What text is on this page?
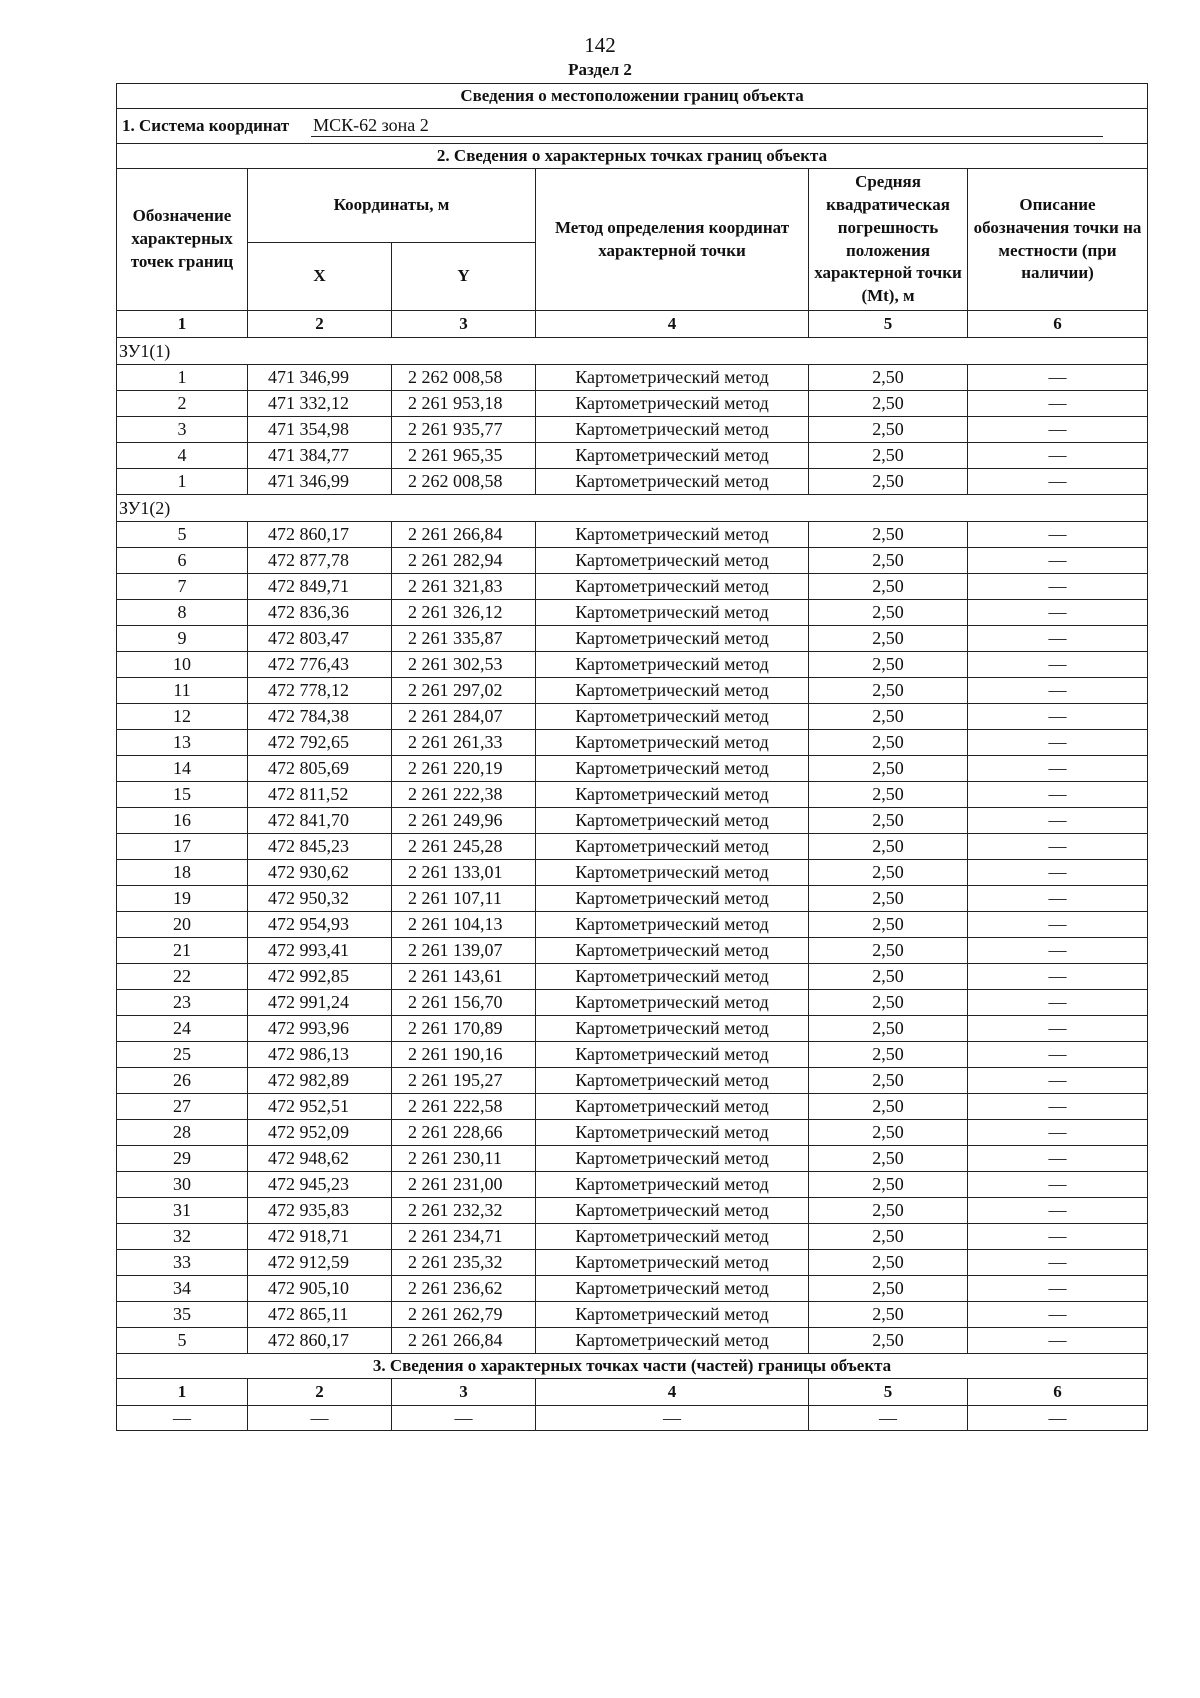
142
Раздел 2
Сведения о местоположении границ объекта					
1. Система координат МСК-62 зона 2					
2. Сведения о характерных точках границ объекта					
Обозначение характерных точек границ	Координаты, м		Метод определения координат характерной точки	Средняя квадратическая погрешность положения характерной точки (Mt), м	Описание обозначения точки на местности (при наличии)
	X	Y			
1	2	3	4	5	6
ЗУ1(1)					
1	471 346,99	2 262 008,58	Картометрический метод	2,50	—
2	471 332,12	2 261 953,18	Картометрический метод	2,50	—
3	471 354,98	2 261 935,77	Картометрический метод	2,50	—
4	471 384,77	2 261 965,35	Картометрический метод	2,50	—
1	471 346,99	2 262 008,58	Картометрический метод	2,50	—
ЗУ1(2)					
5	472 860,17	2 261 266,84	Картометрический метод	2,50	—
6	472 877,78	2 261 282,94	Картометрический метод	2,50	—
7	472 849,71	2 261 321,83	Картометрический метод	2,50	—
8	472 836,36	2 261 326,12	Картометрический метод	2,50	—
9	472 803,47	2 261 335,87	Картометрический метод	2,50	—
10	472 776,43	2 261 302,53	Картометрический метод	2,50	—
11	472 778,12	2 261 297,02	Картометрический метод	2,50	—
12	472 784,38	2 261 284,07	Картометрический метод	2,50	—
13	472 792,65	2 261 261,33	Картометрический метод	2,50	—
14	472 805,69	2 261 220,19	Картометрический метод	2,50	—
15	472 811,52	2 261 222,38	Картометрический метод	2,50	—
16	472 841,70	2 261 249,96	Картометрический метод	2,50	—
17	472 845,23	2 261 245,28	Картометрический метод	2,50	—
18	472 930,62	2 261 133,01	Картометрический метод	2,50	—
19	472 950,32	2 261 107,11	Картометрический метод	2,50	—
20	472 954,93	2 261 104,13	Картометрический метод	2,50	—
21	472 993,41	2 261 139,07	Картометрический метод	2,50	—
22	472 992,85	2 261 143,61	Картометрический метод	2,50	—
23	472 991,24	2 261 156,70	Картометрический метод	2,50	—
24	472 993,96	2 261 170,89	Картометрический метод	2,50	—
25	472 986,13	2 261 190,16	Картометрический метод	2,50	—
26	472 982,89	2 261 195,27	Картометрический метод	2,50	—
27	472 952,51	2 261 222,58	Картометрический метод	2,50	—
28	472 952,09	2 261 228,66	Картометрический метод	2,50	—
29	472 948,62	2 261 230,11	Картометрический метод	2,50	—
30	472 945,23	2 261 231,00	Картометрический метод	2,50	—
31	472 935,83	2 261 232,32	Картометрический метод	2,50	—
32	472 918,71	2 261 234,71	Картометрический метод	2,50	—
33	472 912,59	2 261 235,32	Картометрический метод	2,50	—
34	472 905,10	2 261 236,62	Картометрический метод	2,50	—
35	472 865,11	2 261 262,79	Картометрический метод	2,50	—
5	472 860,17	2 261 266,84	Картометрический метод	2,50	—
3. Сведения о характерных точках части (частей) границы объекта					
1	2	3	4	5	6
—	—	—	—	—	—
